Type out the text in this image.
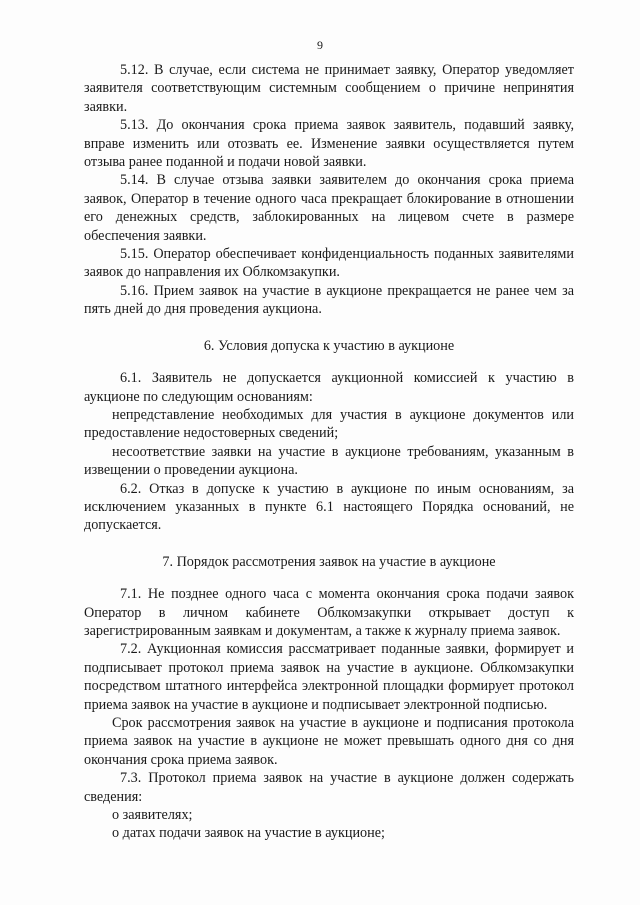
9

5.12. В случае, если система не принимает заявку, Оператор уведомляет заявителя соответствующим системным сообщением о причине непринятия заявки.

5.13. До окончания срока приема заявок заявитель, подавший заявку, вправе изменить или отозвать ее. Изменение заявки осуществляется путем отзыва ранее поданной и подачи новой заявки.

5.14. В случае отзыва заявки заявителем до окончания срока приема заявок, Оператор в течение одного часа прекращает блокирование в отношении его денежных средств, заблокированных на лицевом счете в размере обеспечения заявки.

5.15. Оператор обеспечивает конфиденциальность поданных заявителями заявок до направления их Облкомзакупки.

5.16. Прием заявок на участие в аукционе прекращается не ранее чем за пять дней до дня проведения аукциона.

6. Условия допуска к участию в аукционе

6.1. Заявитель не допускается аукционной комиссией к участию в аукционе по следующим основаниям:

непредставление необходимых для участия в аукционе документов или предоставление недостоверных сведений;

несоответствие заявки на участие в аукционе требованиям, указанным в извещении о проведении аукциона.

6.2. Отказ в допуске к участию в аукционе по иным основаниям, за исключением указанных в пункте 6.1 настоящего Порядка оснований, не допускается.

7. Порядок рассмотрения заявок на участие в аукционе

7.1. Не позднее одного часа с момента окончания срока подачи заявок Оператор в личном кабинете Облкомзакупки открывает доступ к зарегистрированным заявкам и документам, а также к журналу приема заявок.

7.2. Аукционная комиссия рассматривает поданные заявки, формирует и подписывает протокол приема заявок на участие в аукционе. Облкомзакупки посредством штатного интерфейса электронной площадки формирует протокол приема заявок на участие в аукционе и подписывает электронной подписью.

Срок рассмотрения заявок на участие в аукционе и подписания протокола приема заявок на участие в аукционе не может превышать одного дня со дня окончания срока приема заявок.

7.3. Протокол приема заявок на участие в аукционе должен содержать сведения:

о заявителях;

о датах подачи заявок на участие в аукционе;
